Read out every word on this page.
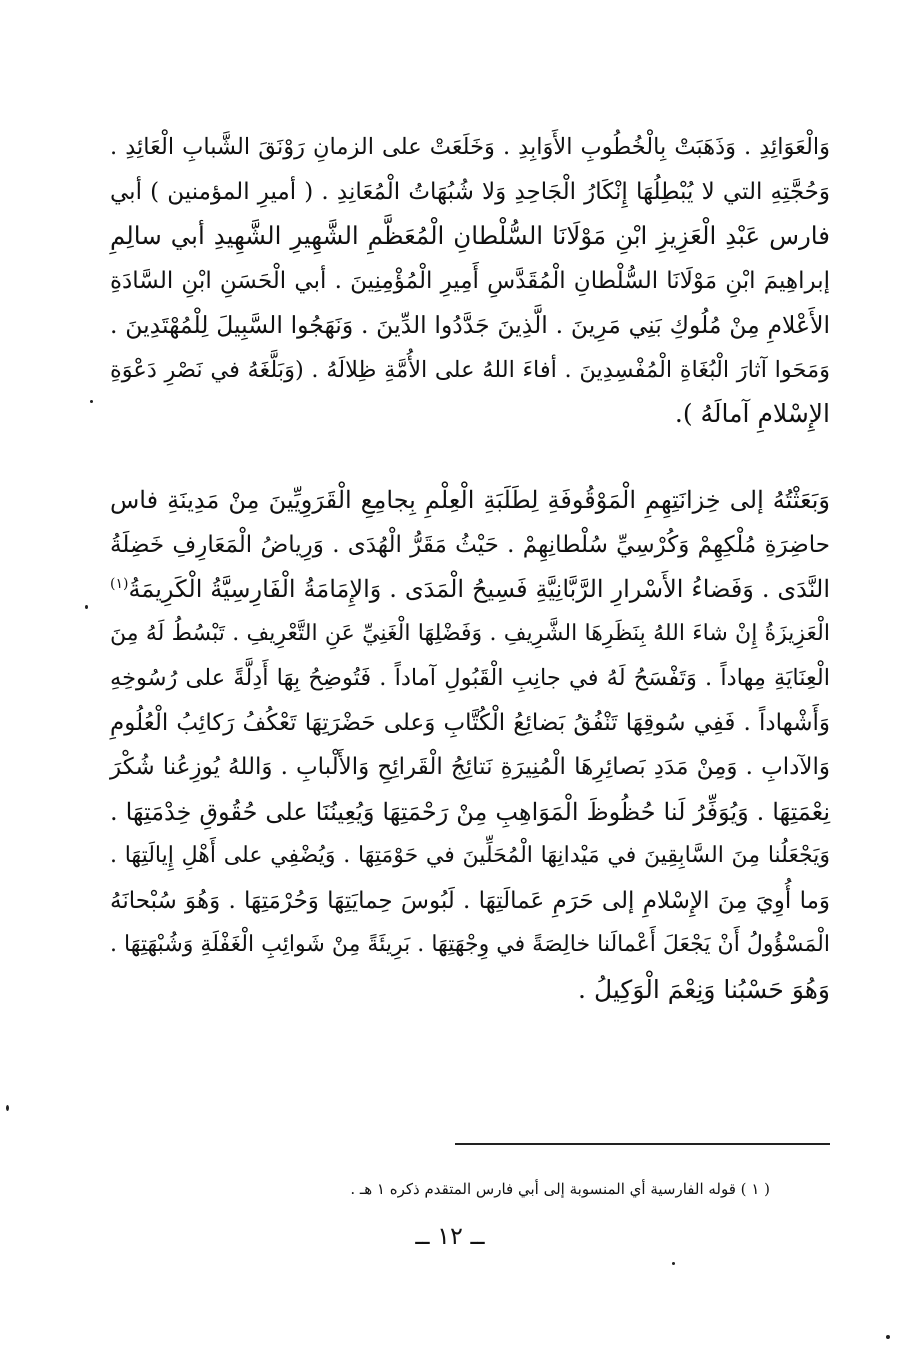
وَالْعَوَائِدِ . وَذَهَبَتْ بِالْخُطُوبِ الأَوَابِدِ . وَخَلَعَتْ على الزمانِ رَوْنَقَ الشَّبابِ الْعَائِدِ .
وَحُجَّتِهِ التي لا يُبْطِلُهَا إِنْكَارُ الْجَاحِدِ وَلا شُبُهَاتُ الْمُعَانِدِ . ( أميرِ المؤمنين ) أبي
فارس عَبْدِ الْعَزِيزِ ابْنِ مَوْلَانَا السُّلْطانِ الْمُعَظَّمِ الشَّهِيرِ الشَّهِيدِ أبي سالِمِ
إبراهِيمَ ابْنِ مَوْلَانَا السُّلْطانِ الْمُقَدَّسِ أَمِيرِ الْمُؤْمِنِينَ . أبي الْحَسَنِ ابْنِ السَّادَةِ
الأَعْلامِ مِنْ مُلُوكِ بَنِي مَرِينَ . الَّذِينَ جَدَّدُوا الدِّينَ . وَنَهَجُوا السَّبِيلَ لِلْمُهْتَدِينَ .
وَمَحَوا آثارَ الْبُغَاةِ الْمُفْسِدِينَ . أفاءَ اللهُ على الأُمَّةِ ظِلالَهُ . (وَبَلَّغَهُ في نَصْرِ دَعْوَةِ
الإِسْلامِ آمالَهُ ).
وَبَعَثْتُهُ إلى خِزانَتِهِمِ الْمَوْقُوفَةِ لِطَلَبَةِ الْعِلْمِ بِجامِعِ الْقَرَوِيِّينَ مِنْ مَدِينَةِ فاس
حاضِرَةِ مُلْكِهِمْ وَكُرْسِيِّ سُلْطانِهِمْ . حَيْثُ مَقَرُّ الْهُدَى . وَرِياضُ الْمَعَارِفِ خَضِلَةُ
النَّدَى . وَفَضاءُ الأَسْرارِ الرَّبَّانِيَّةِ فَسِيحُ الْمَدَى . وَالإِمَامَةُ الْفَارِسِيَّةُ الْكَرِيمَةُ$^{(١)}$
الْعَزِيزَةُ إِنْ شاءَ اللهُ بِنَظَرِهَا الشَّرِيفِ . وَفَضْلِهَا الْغَنِيِّ عَنِ التَّعْرِيفِ . تَبْسُطُ لَهُ مِنَ
الْعِنَايَةِ مِهاداً . وَتَفْسَحُ لَهُ في جانِبِ الْقَبُولِ آماداً . فَتُوضِحُ بِهَا أَدِلَّةً على رُسُوخِهِ
وَأَشْهاداً . فَفِي سُوقِهَا تَنْفُقُ بَضائِعُ الْكُتَّابِ وَعلى حَضْرَتِهَا تَعْكُفُ رَكائِبُ الْعُلُومِ
وَالآدابِ . وَمِنْ مَدَدِ بَصائِرِهَا الْمُنِيرَةِ نَتائِجُ الْقَرائِحِ وَالأَلْبابِ . وَاللهُ يُوزِعُنا شُكْرَ
نِعْمَتِهَا . وَيُوَفِّرُ لَنا حُظُوظَ الْمَوَاهِبِ مِنْ رَحْمَتِهَا وَيُعِينُنَا على حُقُوقِ خِدْمَتِهَا .
وَيَجْعَلُنا مِنَ السَّابِقِينَ في مَيْدانِهَا الْمُحَلِّينَ في حَوْمَتِهَا . وَيُضْفِي على أَهْلِ إِيالَتِهَا .
وَما أُوِيَ مِنَ الإِسْلامِ إلى حَرَمِ عَمالَتِهَا . لَبُوسَ حِمايَتِهَا وَحُرْمَتِهَا . وَهُوَ سُبْحانَهُ
الْمَسْؤُولُ أَنْ يَجْعَلَ أَعْمالَنا خالِصَةً في وِجْهَتِهَا . بَرِيئَةً مِنْ شَوائِبِ الْغَفْلَةِ وَشُبْهَتِهَا .
وَهُوَ حَسْبُنا وَنِعْمَ الْوَكِيلُ .
( ١ ) قوله الفارسية أي المنسوبة إلى أبي فارس المتقدم ذكره ١ هـ .
ــ ١٢ ــ
